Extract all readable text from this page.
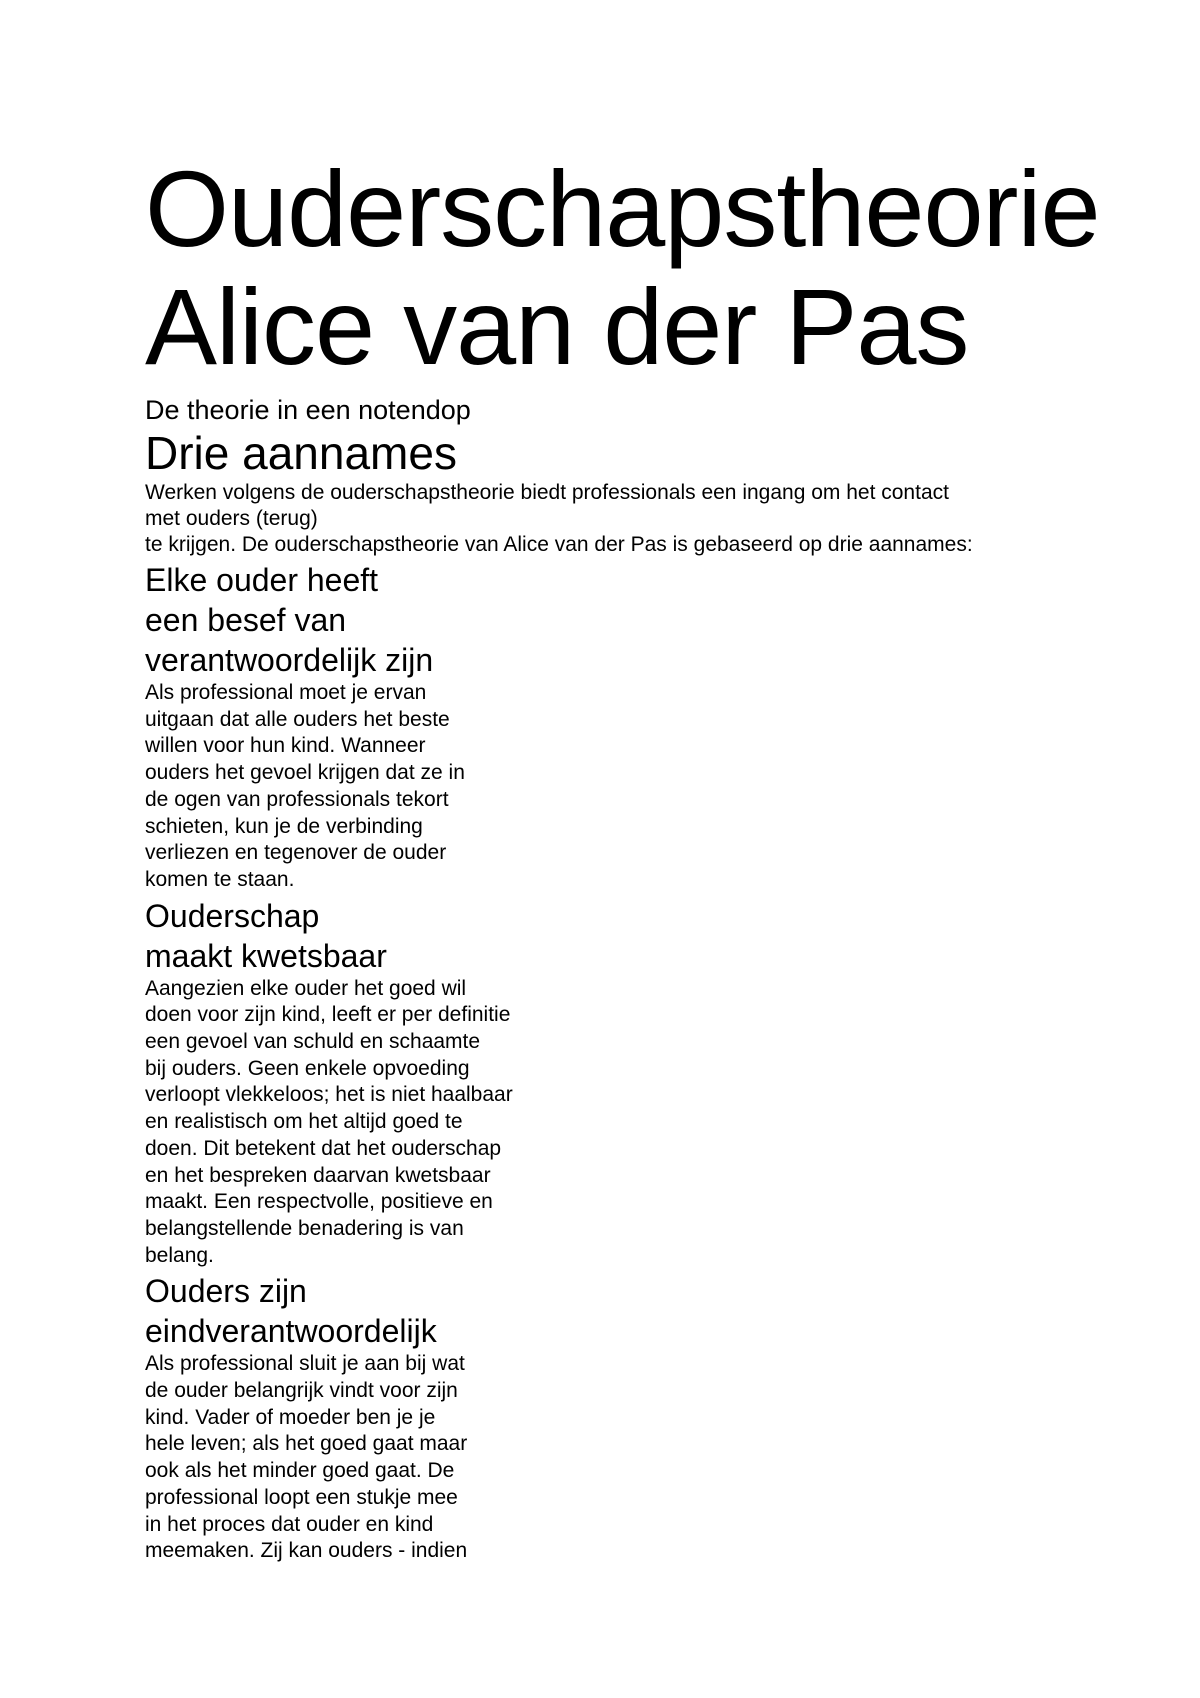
Ouderschapstheorie
Alice van der Pas

De theorie in een notendop

Drie aannames

Werken volgens de ouderschapstheorie biedt professionals een ingang om het contact
met ouders (terug)
te krijgen. De ouderschapstheorie van Alice van der Pas is gebaseerd op drie aannames:

Elke ouder heeft
een besef van
verantwoordelijk zijn

Als professional moet je ervan
uitgaan dat alle ouders het beste
willen voor hun kind. Wanneer
ouders het gevoel krijgen dat ze in
de ogen van professionals tekort
schieten, kun je de verbinding
verliezen en tegenover de ouder
komen te staan.

Ouderschap
maakt kwetsbaar

Aangezien elke ouder het goed wil
doen voor zijn kind, leeft er per definitie
een gevoel van schuld en schaamte
bij ouders. Geen enkele opvoeding
verloopt vlekkeloos; het is niet haalbaar
en realistisch om het altijd goed te
doen. Dit betekent dat het ouderschap
en het bespreken daarvan kwetsbaar
maakt. Een respectvolle, positieve en
belangstellende benadering is van
belang.

Ouders zijn
eindverantwoordelijk

Als professional sluit je aan bij wat
de ouder belangrijk vindt voor zijn
kind. Vader of moeder ben je je
hele leven; als het goed gaat maar
ook als het minder goed gaat. De
professional loopt een stukje mee
in het proces dat ouder en kind
meemaken. Zij kan ouders - indien
